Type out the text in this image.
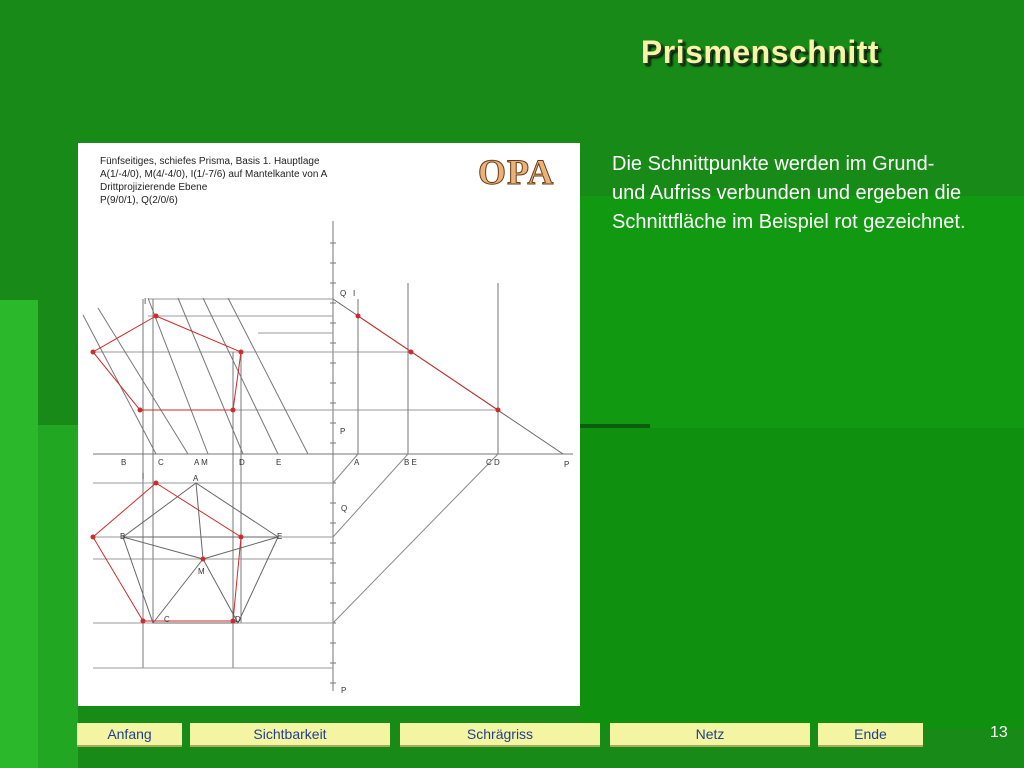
Prismenschnitt
Die Schnittpunkte werden im Grund- und Aufriss verbunden und ergeben die Schnittfläche im Beispiel rot gezeichnet.
Q I
I
P
B	C	A M	D	E	A	B E	C D	P
I	A
Q
B	E
M
C	D
P
Fünfseitiges, schiefes Prisma, Basis 1. Hauptlage
A(1/-4/0), M(4/-4/0), I(1/-7/6) auf Mantelkante von A
Drittprojizierende Ebene
P(9/0/1), Q(2/0/6)
OPA
Anfang	Sichtbarkeit	Schrägriss	Netz	Ende	13
